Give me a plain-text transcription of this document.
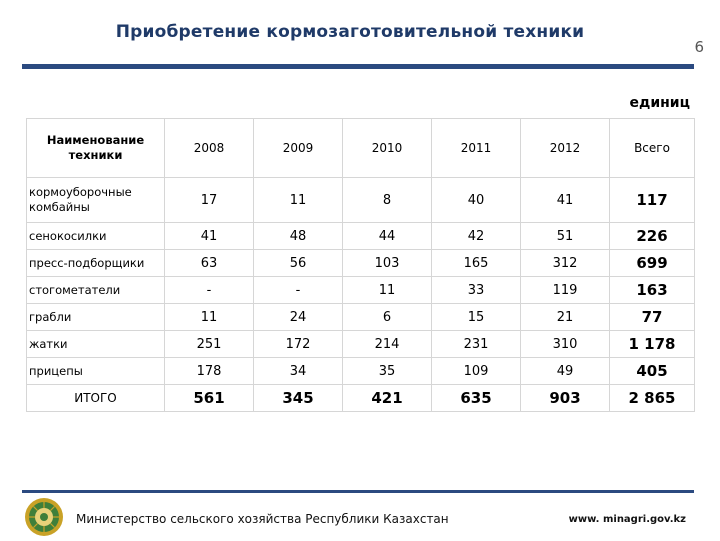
Приобретение кормозаготовительной техники
6
единиц
Наименование техники	2008	2009	2010	2011	2012	Всего
кормоуборочные комбайны	17	11	8	40	41	117
сенокосилки	41	48	44	42	51	226
пресс-подборщики	63	56	103	165	312	699
стогометатели	-	-	11	33	119	163
грабли	11	24	6	15	21	77
жатки	251	172	214	231	310	1 178
прицепы	178	34	35	109	49	405
ИТОГО	561	345	421	635	903	2 865
Министерство сельского хозяйства Республики Казахстан	www. minagri.gov.kz
